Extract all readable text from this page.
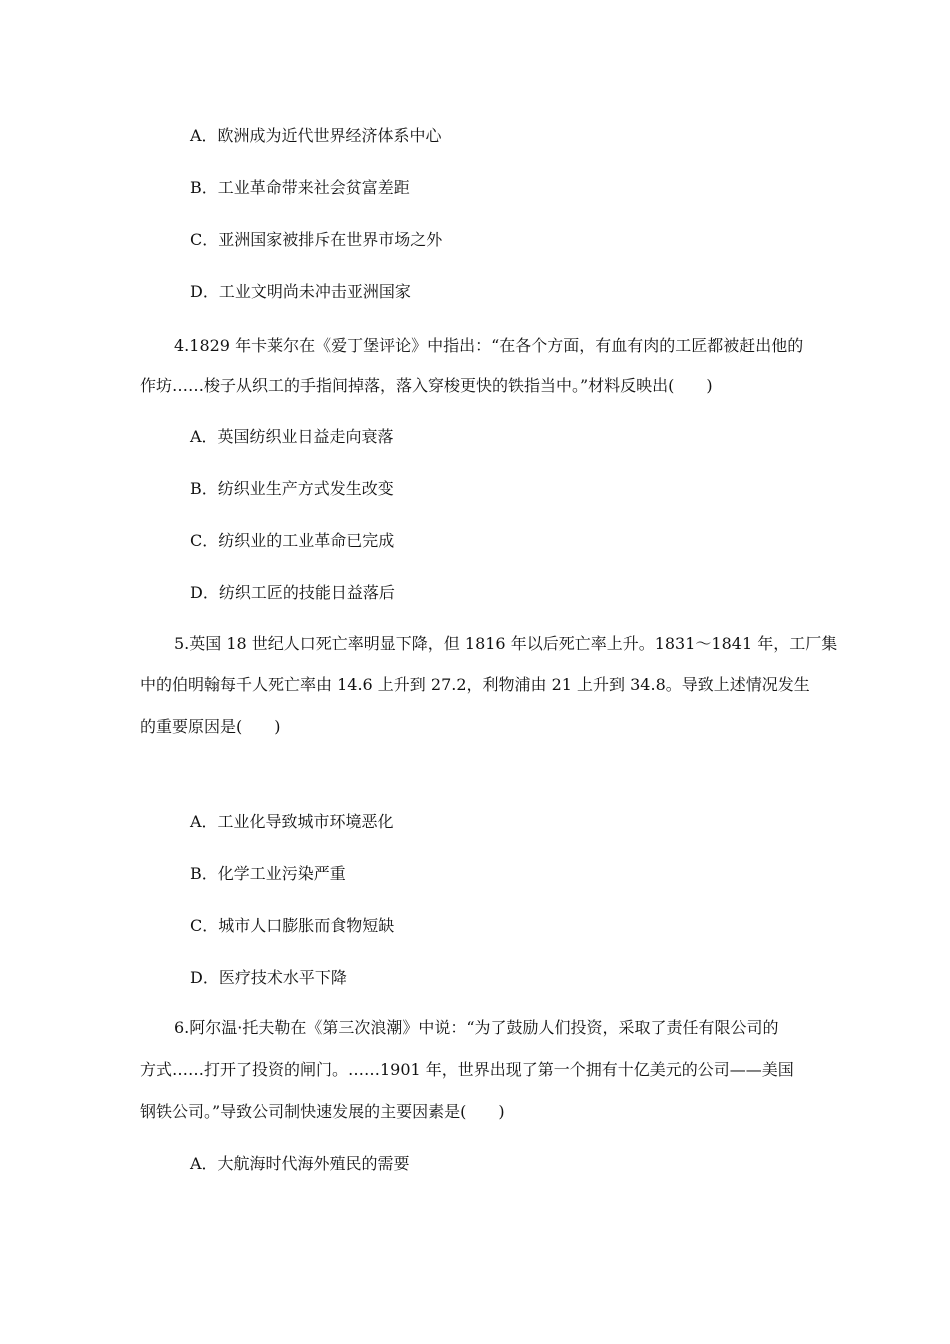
A．欧洲成为近代世界经济体系中心
B．工业革命带来社会贫富差距
C．亚洲国家被排斥在世界市场之外
D．工业文明尚未冲击亚洲国家
4.1829 年卡莱尔在《爱丁堡评论》中指出：“在各个方面，有血有肉的工匠都被赶出他的
作坊……梭子从织工的手指间掉落，落入穿梭更快的铁指当中。”材料反映出(　　)
A．英国纺织业日益走向衰落
B．纺织业生产方式发生改变
C．纺织业的工业革命已完成
D．纺织工匠的技能日益落后
5.英国 18 世纪人口死亡率明显下降，但 1816 年以后死亡率上升。1831～1841 年，工厂集
中的伯明翰每千人死亡率由 14.6 上升到 27.2，利物浦由 21 上升到 34.8。导致上述情况发生
的重要原因是(　　)
A．工业化导致城市环境恶化
B．化学工业污染严重
C．城市人口膨胀而食物短缺
D．医疗技术水平下降
6.阿尔温·托夫勒在《第三次浪潮》中说：“为了鼓励人们投资，采取了责任有限公司的
方式……打开了投资的闸门。……1901 年，世界出现了第一个拥有十亿美元的公司——美国
钢铁公司。”导致公司制快速发展的主要因素是(　　)
A．大航海时代海外殖民的需要
